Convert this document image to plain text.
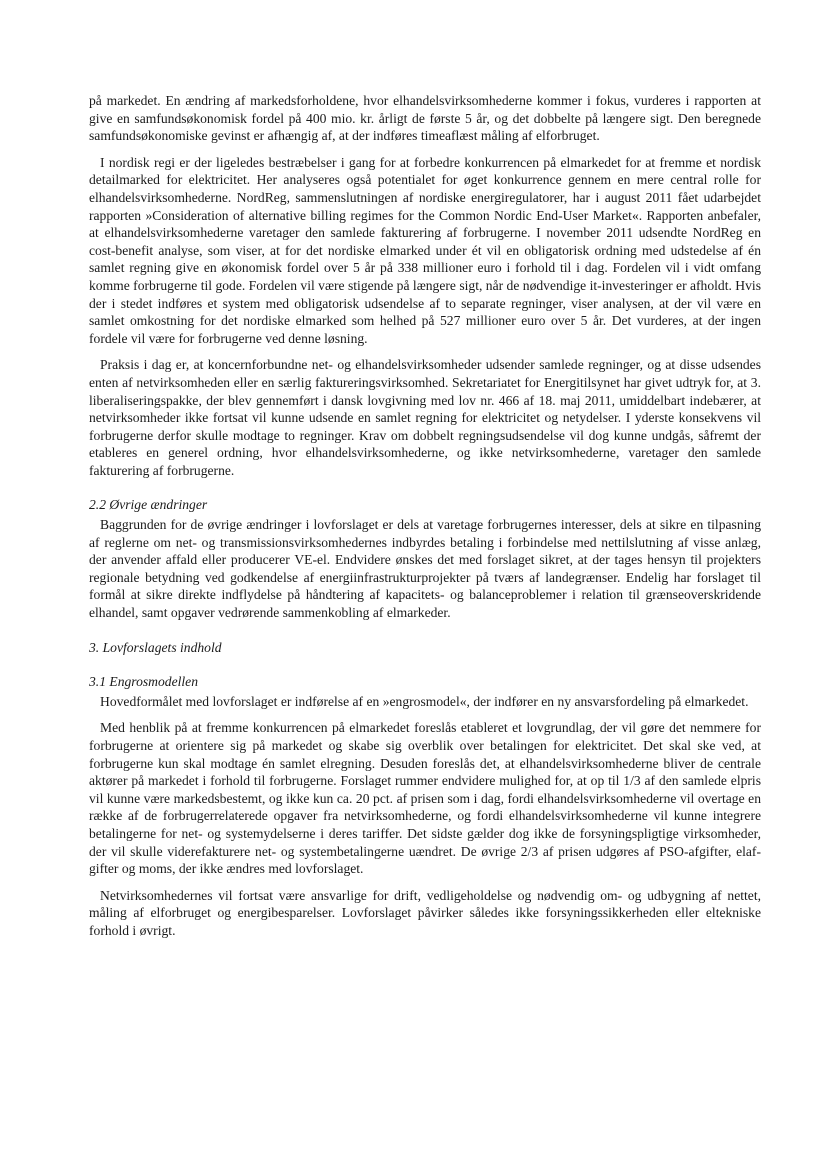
på markedet. En ændring af markedsforholdene, hvor elhandelsvirksomhederne kommer i fokus, vurderes i rapporten at give en samfundsøkonomisk fordel på 400 mio. kr. årligt de første 5 år, og det dobbelte på længere sigt. Den beregnede samfundsøkonomiske gevinst er afhængig af, at der indføres timeaflæst måling af elforbruget.

I nordisk regi er der ligeledes bestræbelser i gang for at forbedre konkurrencen på elmarkedet for at fremme et nordisk detailmarked for elektricitet. Her analyseres også potentialet for øget konkurrence gennem en mere central rolle for elhandelsvirksomhederne. NordReg, sammenslutningen af nordiske energiregulatorer, har i august 2011 fået udarbejdet rapporten »Consideration of alternative billing regimes for the Common Nordic End-User Market«. Rapporten anbefaler, at elhandelsvirksomhederne varetager den samlede fakturering af forbrugerne. I november 2011 udsendte NordReg en cost-benefit analyse, som viser, at for det nordiske elmarked under ét vil en obligatorisk ordning med udstedelse af én samlet regning give en økonomisk fordel over 5 år på 338 millioner euro i forhold til i dag. Fordelen vil i vidt omfang komme forbrugerne til gode. Fordelen vil være stigende på længere sigt, når de nødvendige it-investeringer er afholdt. Hvis der i stedet indføres et system med obligatorisk udsendelse af to separate regninger, viser analysen, at der vil være en samlet omkostning for det nordiske elmarked som helhed på 527 millioner euro over 5 år. Det vurderes, at der ingen fordele vil være for forbrugerne ved denne løsning.

Praksis i dag er, at koncernforbundne net- og elhandelsvirksomheder udsender samlede regninger, og at disse udsendes enten af netvirksomheden eller en særlig faktureringsvirksomhed. Sekretariatet for Energitilsynet har givet udtryk for, at 3. liberaliseringspakke, der blev gennemført i dansk lovgivning med lov nr. 466 af 18. maj 2011, umiddelbart indebærer, at netvirksomheder ikke fortsat vil kunne udsende en samlet regning for elektricitet og netydelser. I yderste konsekvens vil forbrugerne derfor skulle modtage to regninger. Krav om dobbelt regningsudsendelse vil dog kunne undgås, såfremt der etableres en generel ordning, hvor elhandelsvirksomhederne, og ikke netvirksomhederne, varetager den samlede fakturering af forbrugerne.

2.2 Øvrige ændringer

Baggrunden for de øvrige ændringer i lovforslaget er dels at varetage forbrugernes interesser, dels at sikre en tilpasning af reglerne om net- og transmissionsvirksomhedernes indbyrdes betaling i forbindelse med nettilslutning af visse anlæg, der anvender affald eller producerer VE-el. Endvidere ønskes det med forslaget sikret, at der tages hensyn til projekters regionale betydning ved godkendelse af energiinfrastrukturprojekter på tværs af landegrænser. Endelig har forslaget til formål at sikre direkte indflydelse på håndtering af kapacitets- og balanceproblemer i relation til grænseoverskridende elhandel, samt opgaver vedrørende sammenkobling af elmarkeder.

3. Lovforslagets indhold

3.1 Engrosmodellen

Hovedformålet med lovforslaget er indførelse af en »engrosmodel«, der indfører en ny ansvarsfordeling på elmarkedet.

Med henblik på at fremme konkurrencen på elmarkedet foreslås etableret et lovgrundlag, der vil gøre det nemmere for forbrugerne at orientere sig på markedet og skabe sig overblik over betalingen for elektricitet. Det skal ske ved, at forbrugerne kun skal modtage én samlet elregning. Desuden foreslås det, at elhandelsvirksomhederne bliver de centrale aktører på markedet i forhold til forbrugerne. Forslaget rummer endvidere mulighed for, at op til 1/3 af den samlede elpris vil kunne være markedsbestemt, og ikke kun ca. 20 pct. af prisen som i dag, fordi elhandelsvirksomhederne vil overtage en række af de forbrugerrelaterede opgaver fra netvirksomhederne, og fordi elhandelsvirksomhederne vil kunne integrere betalingerne for net- og systemydelserne i deres tariffer. Det sidste gælder dog ikke de forsyningspligtige virksomheder, der vil skulle viderefakturere net- og systembetalingerne uændret. De øvrige 2/3 af prisen udgøres af PSO-afgifter, elafgifter og moms, der ikke ændres med lovforslaget.

Netvirksomhedernes vil fortsat være ansvarlige for drift, vedligeholdelse og nødvendig om- og udbygning af nettet, måling af elforbruget og energibesparelser. Lovforslaget påvirker således ikke forsyningssikkerheden eller eltekniske forhold i øvrigt.
